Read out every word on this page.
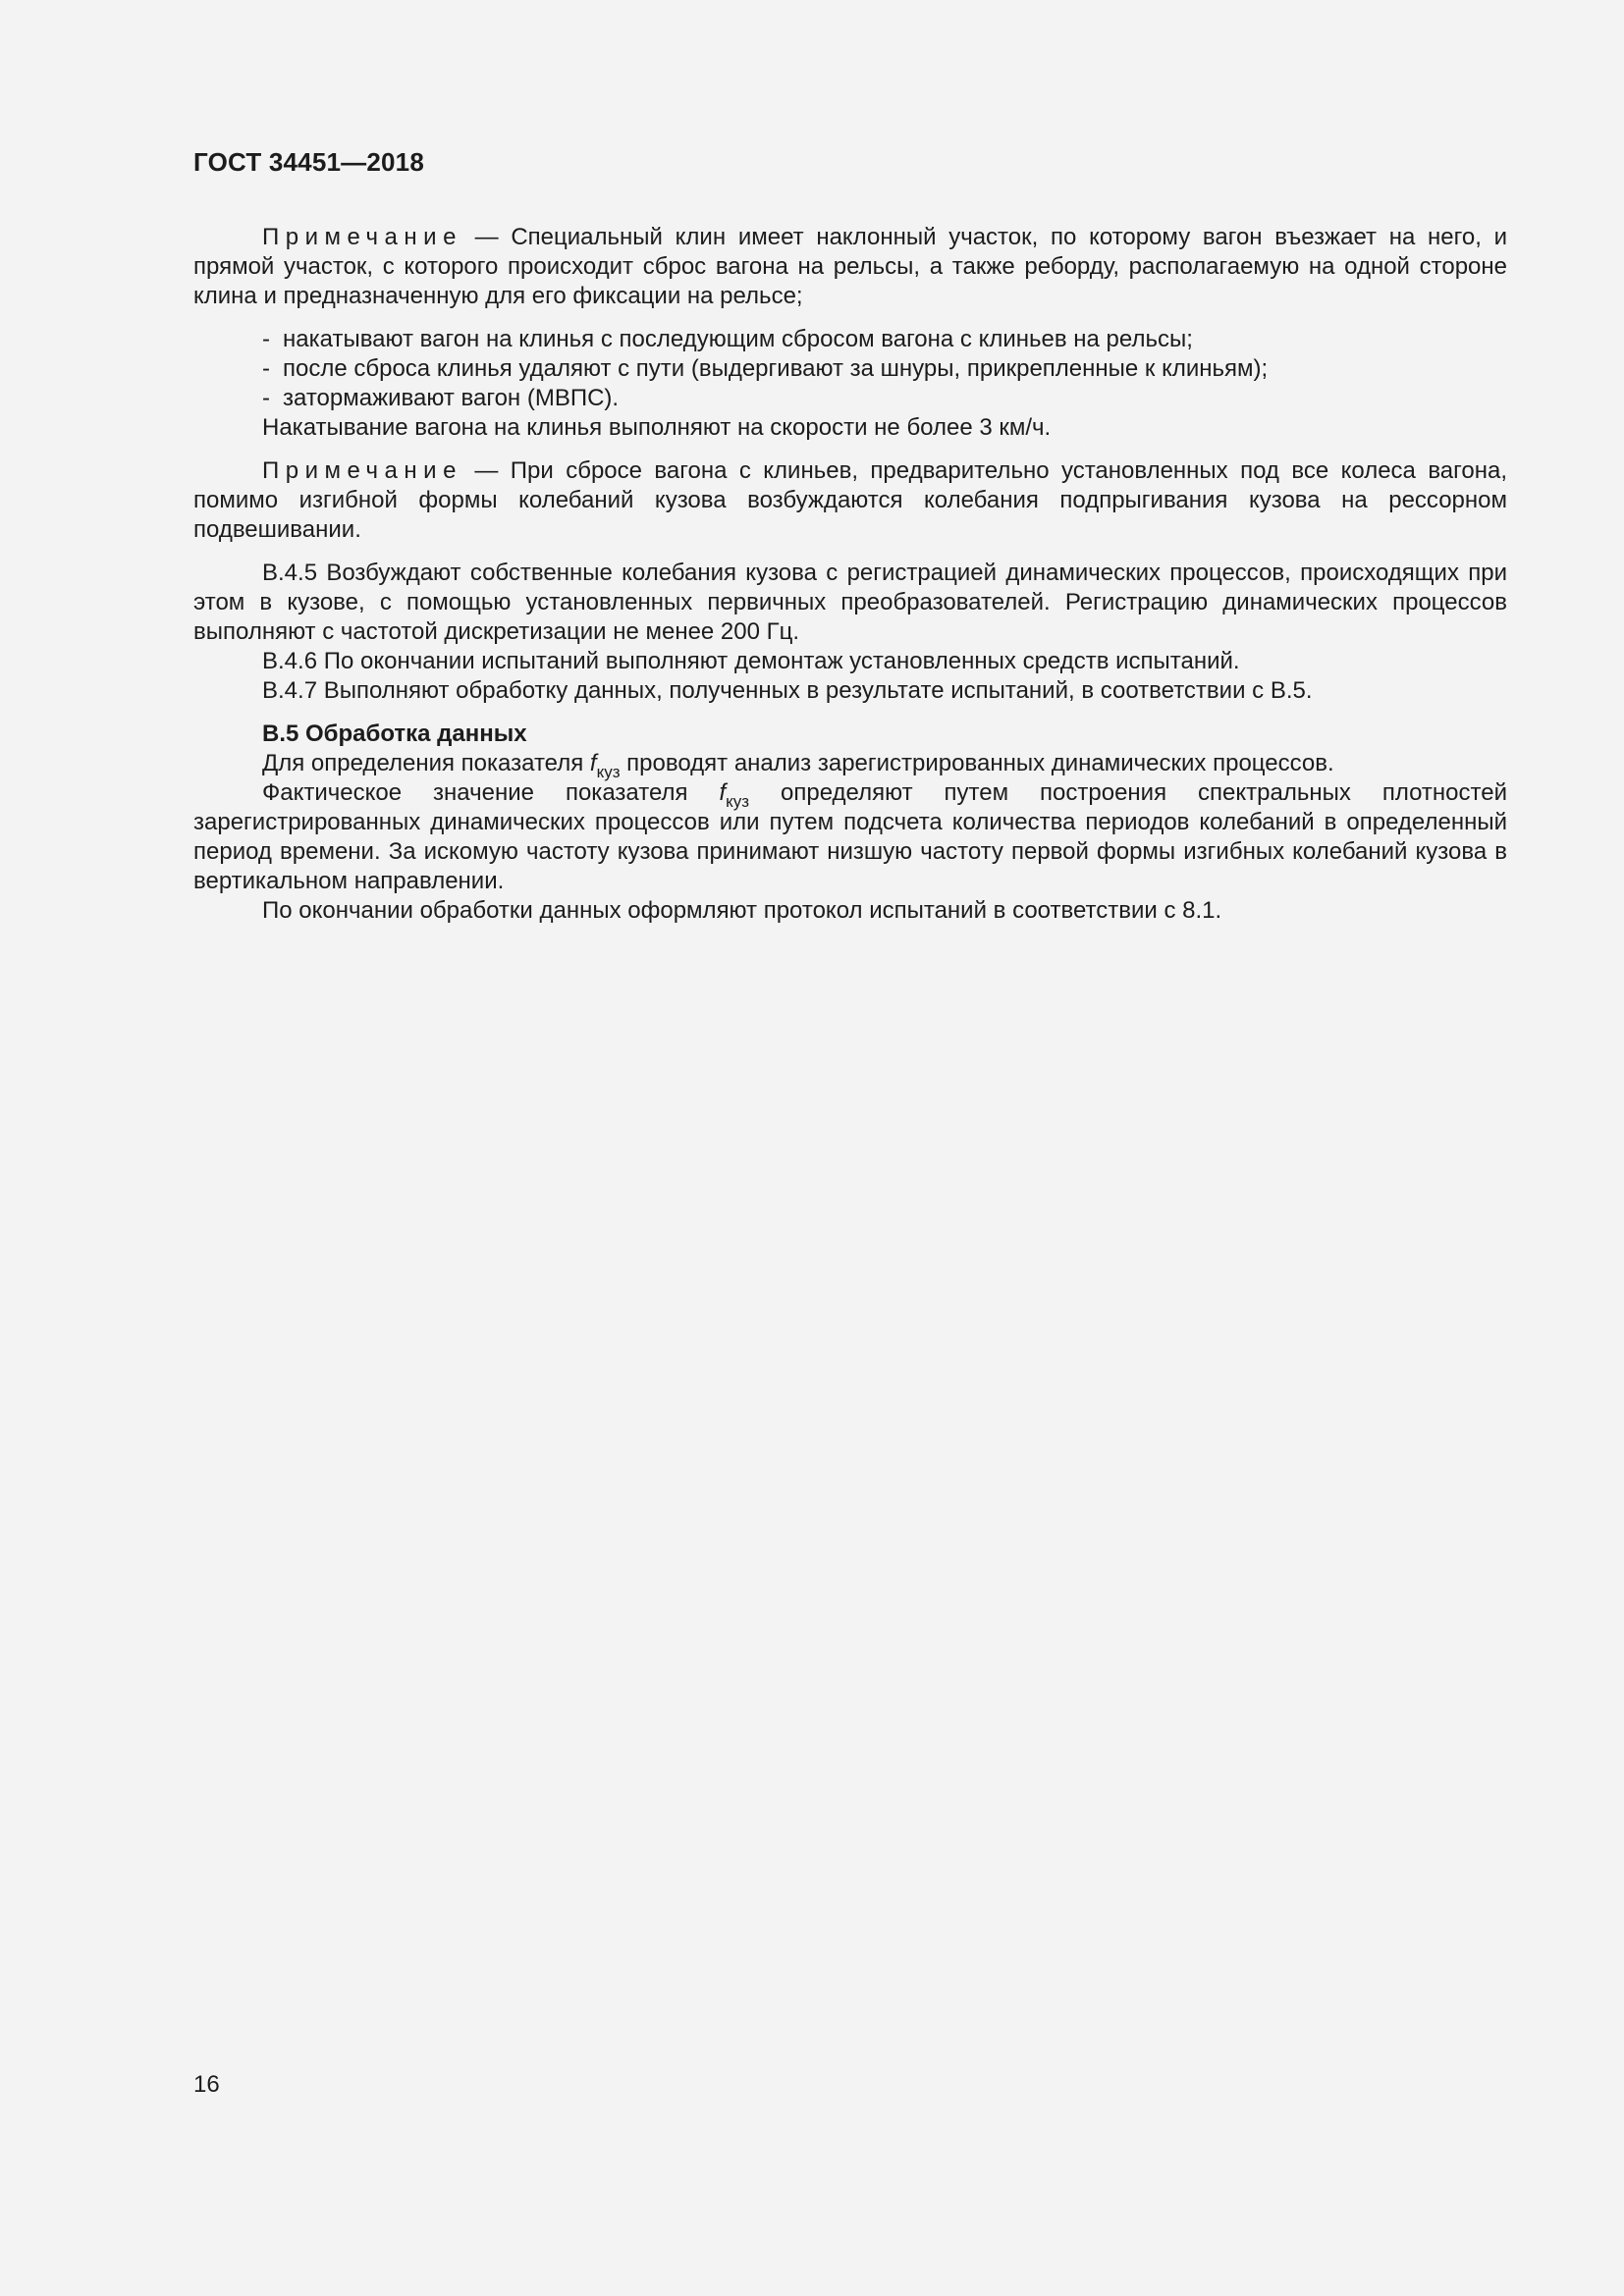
ГОСТ 34451—2018

Примечание — Специальный клин имеет наклонный участок, по которому вагон въезжает на него, и прямой участок, с которого происходит сброс вагона на рельсы, а также реборду, располагаемую на одной стороне клина и предназначенную для его фиксации на рельсе;

- накатывают вагон на клинья с последующим сбросом вагона с клиньев на рельсы;
- после сброса клинья удаляют с пути (выдергивают за шнуры, прикрепленные к клиньям);
- затормаживают вагон (МВПС).

Накатывание вагона на клинья выполняют на скорости не более 3 км/ч.

Примечание — При сбросе вагона с клиньев, предварительно установленных под все колеса вагона, помимо изгибной формы колебаний кузова возбуждаются колебания подпрыгивания кузова на рессорном подвешивании.

В.4.5 Возбуждают собственные колебания кузова с регистрацией динамических процессов, происходящих при этом в кузове, с помощью установленных первичных преобразователей. Регистрацию динамических процессов выполняют с частотой дискретизации не менее 200 Гц.

В.4.6 По окончании испытаний выполняют демонтаж установленных средств испытаний.

В.4.7 Выполняют обработку данных, полученных в результате испытаний, в соответствии с В.5.

В.5 Обработка данных

Для определения показателя $f_{куз}$ проводят анализ зарегистрированных динамических процессов.

Фактическое значение показателя $f_{куз}$ определяют путем построения спектральных плотностей зарегистрированных динамических процессов или путем подсчета количества периодов колебаний в определенный период времени. За искомую частоту кузова принимают низшую частоту первой формы изгибных колебаний кузова в вертикальном направлении.

По окончании обработки данных оформляют протокол испытаний в соответствии с 8.1.

16
